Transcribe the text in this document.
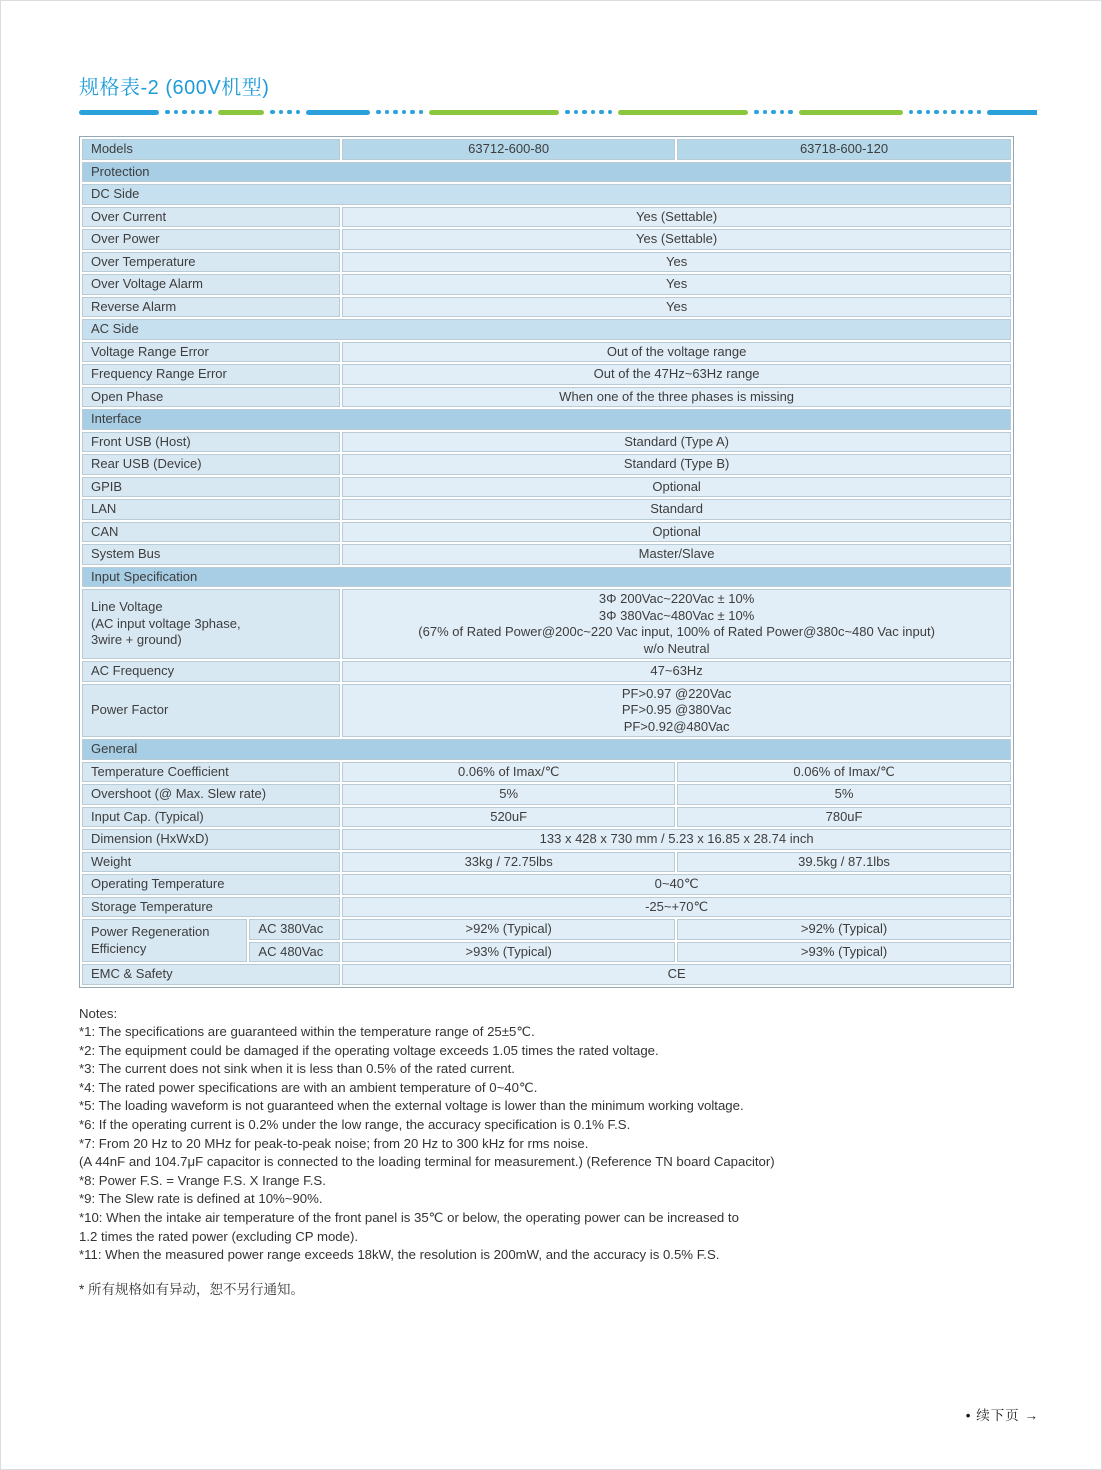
规格表-2 (600V机型)
Models		63712-600-80	63718-600-120
Protection			
DC Side			
Over Current		Yes (Settable)	
Over Power		Yes (Settable)	
Over Temperature		Yes	
Over Voltage Alarm		Yes	
Reverse Alarm		Yes	
AC Side			
Voltage Range Error		Out of the voltage range	
Frequency Range Error		Out of the 47Hz~63Hz range	
Open Phase		When one of the three phases is missing	
Interface			
Front USB (Host)		Standard (Type A)	
Rear USB (Device)		Standard (Type B)	
GPIB		Optional	
LAN		Standard	
CAN		Optional	
System Bus		Master/Slave	
Input Specification			
Line Voltage
(AC input voltage 3phase,
3wire + ground)		3Φ 200Vac~220Vac ± 10%
3Φ 380Vac~480Vac ± 10%
(67% of Rated Power@200c~220 Vac input, 100% of Rated Power@380c~480 Vac input)
w/o Neutral	
AC Frequency		47~63Hz	
Power Factor		PF>0.97 @220Vac
PF>0.95 @380Vac
PF>0.92@480Vac	
General			
Temperature Coefficient		0.06% of Imax/℃	0.06% of Imax/℃
Overshoot (@ Max. Slew rate)		5%	5%
Input Cap. (Typical)		520uF	780uF
Dimension (HxWxD)		133 x 428 x 730 mm / 5.23 x 16.85 x 28.74 inch	
Weight		33kg / 72.75lbs	39.5kg / 87.1lbs
Operating Temperature		0~40℃	
Storage Temperature		-25~+70℃	
Power Regeneration
Efficiency	AC 380Vac	>92% (Typical)	>92% (Typical)
	AC 480Vac	>93% (Typical)	>93% (Typical)
EMC & Safety		CE	
Notes:
*1: The specifications are guaranteed within the temperature range of 25±5℃.
*2: The equipment could be damaged if the operating voltage exceeds 1.05 times the rated voltage.
*3: The current does not sink when it is less than 0.5% of the rated current.
*4: The rated power specifications are with an ambient temperature of 0~40℃.
*5: The loading waveform is not guaranteed when the external voltage is lower than the minimum working voltage.
*6: If the operating current is 0.2% under the low range, the accuracy specification is 0.1% F.S.
*7: From 20 Hz to 20 MHz for peak-to-peak noise; from 20 Hz to 300 kHz for rms noise.
(A 44nF and 104.7μF capacitor is connected to the loading terminal for measurement.) (Reference TN board Capacitor)
*8: Power F.S. = Vrange F.S. X Irange F.S.
*9: The Slew rate is defined at 10%~90%.
*10: When the intake air temperature of the front panel is 35℃ or below, the operating power can be increased to
1.2 times the rated power (excluding CP mode).
*11: When the measured power range exceeds 18kW, the resolution is 200mW, and the accuracy is 0.5% F.S.
* 所有规格如有异动，恕不另行通知。
• 续下页 →
